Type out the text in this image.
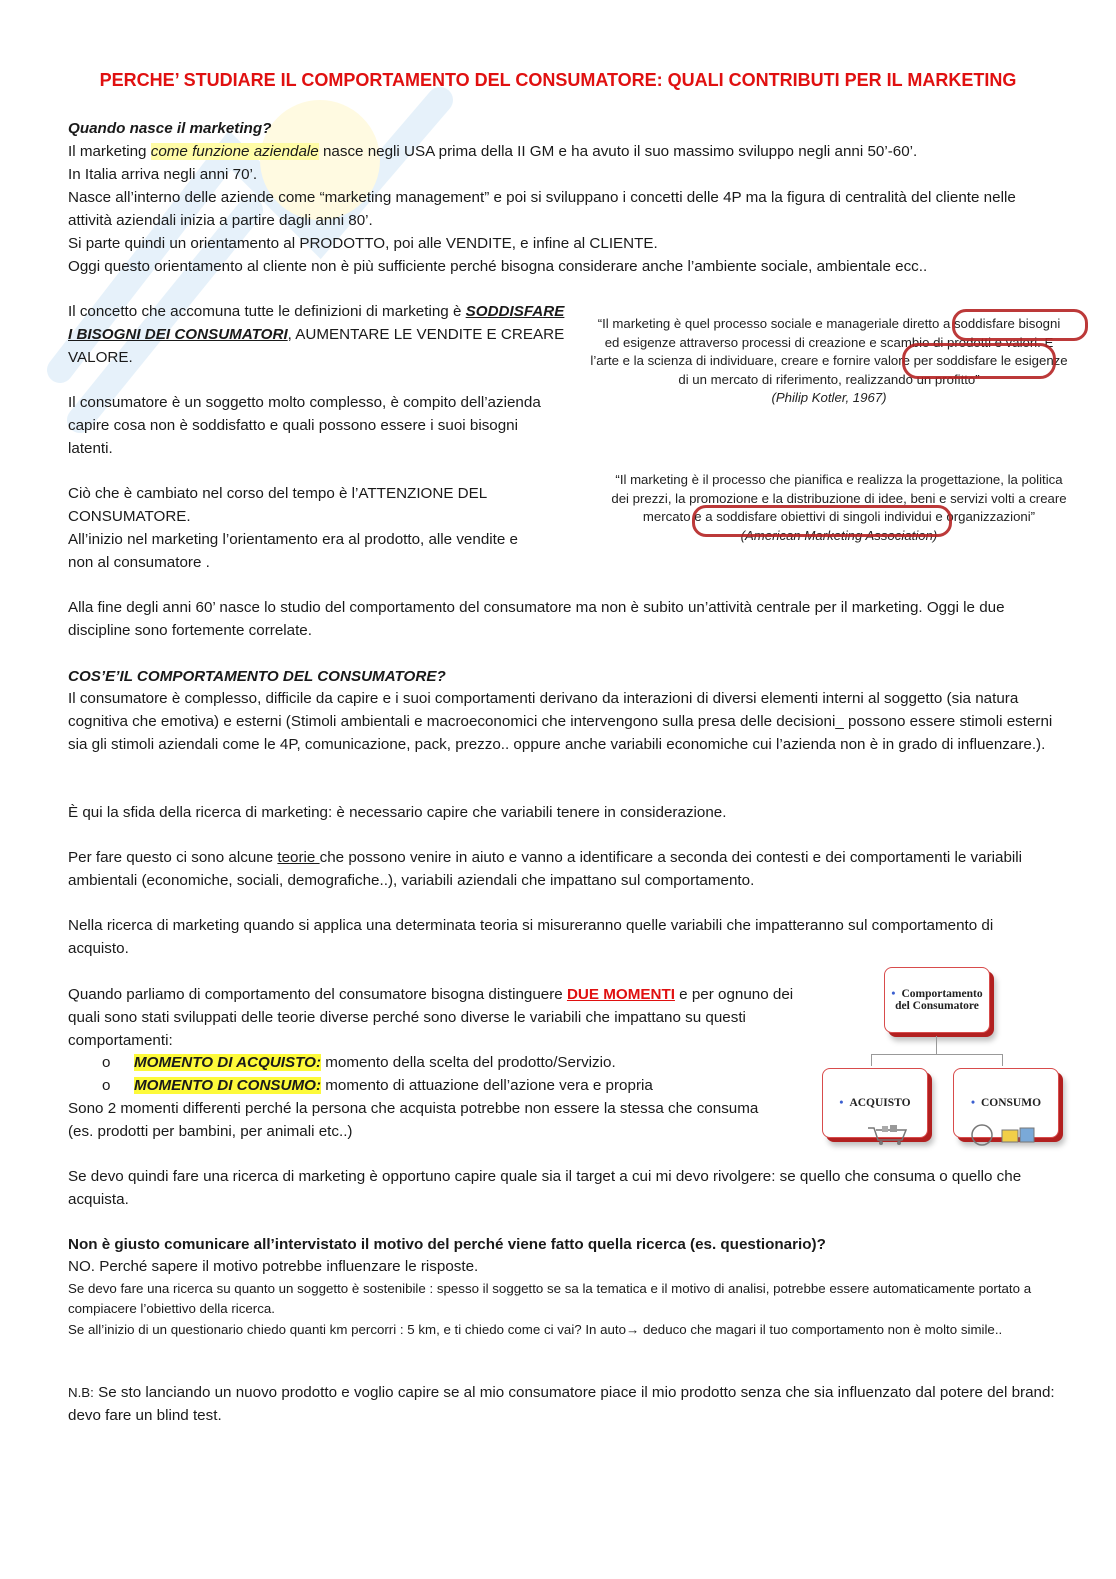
PERCHE’ STUDIARE IL COMPORTAMENTO DEL CONSUMATORE: QUALI CONTRIBUTI PER IL MARKETING

Quando nasce il marketing?

Il marketing come funzione aziendale nasce negli USA prima della II GM e ha avuto il suo massimo sviluppo negli anni 50’-60’.

In Italia arriva negli anni 70’.

Nasce all’interno delle aziende come “marketing management” e poi si sviluppano i concetti delle 4P ma la figura di centralità del cliente nelle attività aziendali inizia a partire dagli anni 80’.

Si parte quindi un orientamento al PRODOTTO, poi alle VENDITE, e infine al CLIENTE.

Oggi questo orientamento al cliente non è più sufficiente perché bisogna considerare anche l’ambiente sociale, ambientale ecc..

Il concetto che accomuna tutte le definizioni di marketing è SODDISFARE I BISOGNI DEI CONSUMATORI, AUMENTARE LE VENDITE E CREARE VALORE.

Il consumatore è un soggetto molto complesso, è compito dell’azienda capire cosa non è soddisfatto e quali possono essere i suoi bisogni latenti.

Ciò che è cambiato nel corso del tempo è l’ATTENZIONE DEL CONSUMATORE.

All’inizio nel marketing l’orientamento era al prodotto, alle vendite e non al consumatore .

“Il marketing è quel processo sociale e manageriale diretto a soddisfare bisogni
ed esigenze attraverso processi di creazione e scambio di prodotti e valori. E
l’arte e la scienza di individuare, creare e fornire valore per soddisfare le esigenze
di un mercato di riferimento, realizzando un profitto”
(Philip Kotler, 1967)
“Il marketing è il processo che pianifica e realizza la progettazione, la politica
dei prezzi, la promozione e la distribuzione di idee, beni e servizi volti a creare
mercato e a soddisfare obiettivi di singoli individui e organizzazioni”
(American Marketing Association)

Alla fine degli anni 60’ nasce lo studio del comportamento del consumatore ma non è subito un’attività centrale per il marketing. Oggi le due discipline sono fortemente correlate.

COS’E’IL COMPORTAMENTO DEL CONSUMATORE?

Il consumatore è complesso, difficile da capire e i suoi comportamenti derivano da interazioni di diversi elementi interni al soggetto (sia natura cognitiva che emotiva) e esterni (Stimoli ambientali e macroeconomici che intervengono sulla presa delle decisioni_ possono essere stimoli esterni sia gli stimoli aziendali come le 4P, comunicazione, pack, prezzo.. oppure anche variabili economiche cui l’azienda non è in grado di influenzare.).

È qui la sfida della ricerca di marketing: è necessario capire che variabili tenere in considerazione.

Per fare questo ci sono alcune teorie che possono venire in aiuto e vanno a identificare a seconda dei contesti e dei comportamenti le variabili ambientali (economiche, sociali, demografiche..), variabili aziendali che impattano sul comportamento.

Nella ricerca di marketing quando si applica una determinata teoria si misureranno quelle variabili che impatteranno sul comportamento di acquisto.

Quando parliamo di comportamento del consumatore bisogna distinguere DUE MOMENTI e per ognuno dei quali sono stati sviluppati delle teorie diverse perché sono diverse le variabili che impattano su questi comportamenti:

o MOMENTO DI ACQUISTO: momento della scelta del prodotto/Servizio.
o MOMENTO DI CONSUMO: momento di attuazione dell’azione vera e propria

Sono 2 momenti differenti perché la persona che acquista potrebbe non essere la stessa che consuma (es. prodotti per bambini, per animali etc..)

Se devo quindi fare una ricerca di marketing è opportuno capire quale sia il target a cui mi devo rivolgere: se quello che consuma o quello che acquista.

• Comportamento del Consumatore
• ACQUISTO	• CONSUMO

Non è giusto comunicare all’intervistato il motivo del perché viene fatto quella ricerca (es. questionario)?

NO. Perché sapere il motivo potrebbe influenzare le risposte.

Se devo fare una ricerca su quanto un soggetto è sostenibile : spesso il soggetto se sa la tematica e il motivo di analisi, potrebbe essere automaticamente portato a compiacere l’obiettivo della ricerca.

Se all’inizio di un questionario chiedo quanti km percorri : 5 km, e ti chiedo come ci vai? In auto→ deduco che magari il tuo comportamento non è molto simile..

N.B: Se sto lanciando un nuovo prodotto e voglio capire se al mio consumatore piace il mio prodotto senza che sia influenzato dal potere del brand: devo fare un blind test.
